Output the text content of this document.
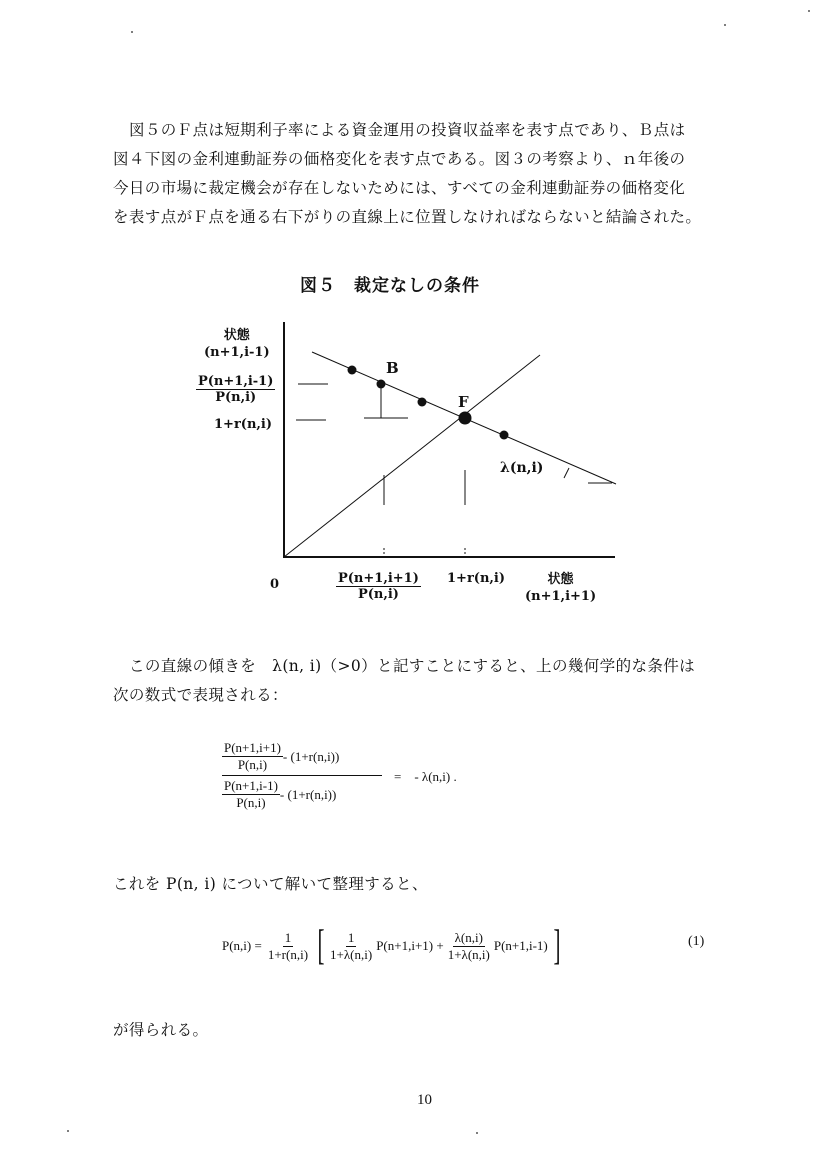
図５のＦ点は短期利子率による資金運用の投資収益率を表す点であり、Ｂ点は
図４下図の金利連動証券の価格変化を表す点である。図３の考察より、ｎ年後の
今日の市場に裁定機会が存在しないためには、すべての金利連動証券の価格変化
を表す点がＦ点を通る右下がりの直線上に位置しなければならないと結論された。
図５　裁定なしの条件
状態
(n+1,i-1)
$\frac{P(n+1,i-1)}{P(n,i)}$
1+r(n,i)
B
F
λ(n,i)
0	$\frac{P(n+1,i+1)}{P(n,i)} 1+r(n,i)$	状態
(n+1,i+1)
この直線の傾きを　λ(n, i)（>0）と記すことにすると、上の幾何学的な条件は
次の数式で表現される：
$\frac{P(n+1,i+1)}{P(n,i)} - (1+r(n,i))$
$\frac{P(n+1,i-1)}{P(n,i)} - (1+r(n,i))$
=　- λ(n,i) .
これを P(n, i) について解いて整理すると、
$P(n,i) = \frac{1}{1+r(n,i)}$ [ $\frac{1}{1+\lambda(n,i)} P(n+1,i+1) + \frac{\lambda(n,i)}{1+\lambda(n,i)} P(n+1,i-1)$ ]	(1)
が得られる。
10
